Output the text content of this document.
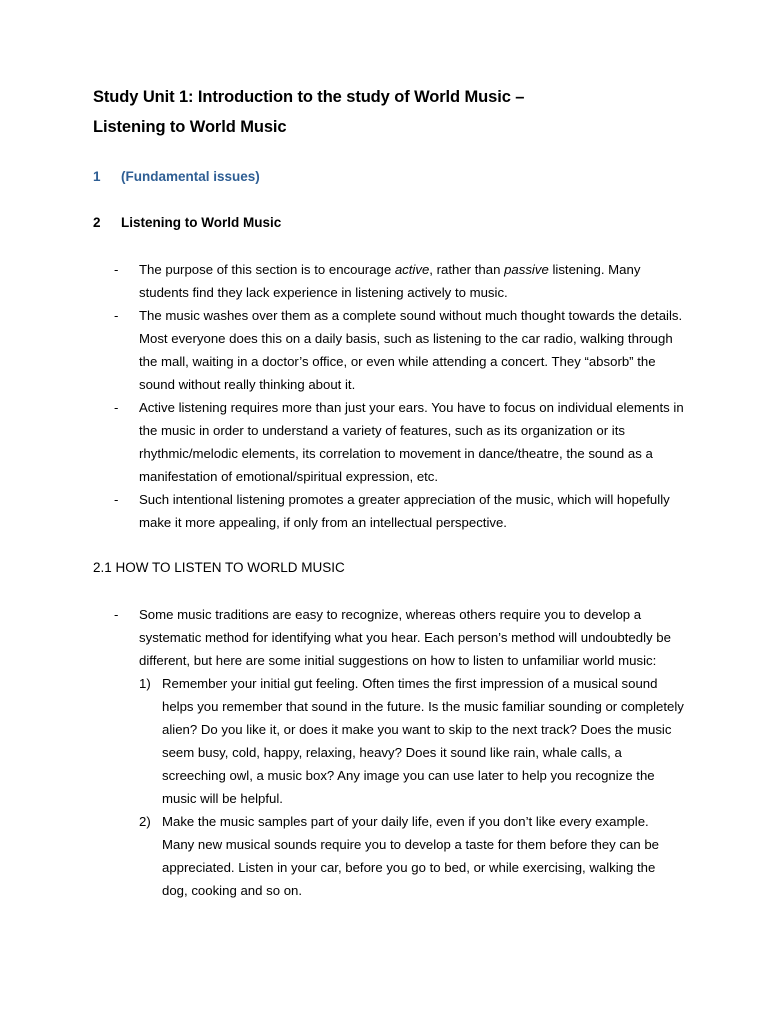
Study Unit 1: Introduction to the study of World Music –
Listening to World Music
1 (Fundamental issues)
2 Listening to World Music
- The purpose of this section is to encourage active, rather than passive listening. Many students find they lack experience in listening actively to music.
- The music washes over them as a complete sound without much thought towards the details. Most everyone does this on a daily basis, such as listening to the car radio, walking through the mall, waiting in a doctor’s office, or even while attending a concert. They “absorb” the sound without really thinking about it.
- Active listening requires more than just your ears. You have to focus on individual elements in the music in order to understand a variety of features, such as its organization or its rhythmic/melodic elements, its correlation to movement in dance/theatre, the sound as a manifestation of emotional/spiritual expression, etc.
- Such intentional listening promotes a greater appreciation of the music, which will hopefully make it more appealing, if only from an intellectual perspective.
2.1 HOW TO LISTEN TO WORLD MUSIC
- Some music traditions are easy to recognize, whereas others require you to develop a systematic method for identifying what you hear. Each person’s method will undoubtedly be different, but here are some initial suggestions on how to listen to unfamiliar world music:
1) Remember your initial gut feeling. Often times the first impression of a musical sound helps you remember that sound in the future. Is the music familiar sounding or completely alien? Do you like it, or does it make you want to skip to the next track? Does the music seem busy, cold, happy, relaxing, heavy? Does it sound like rain, whale calls, a screeching owl, a music box? Any image you can use later to help you recognize the music will be helpful.
2) Make the music samples part of your daily life, even if you don’t like every example. Many new musical sounds require you to develop a taste for them before they can be appreciated. Listen in your car, before you go to bed, or while exercising, walking the dog, cooking and so on.
